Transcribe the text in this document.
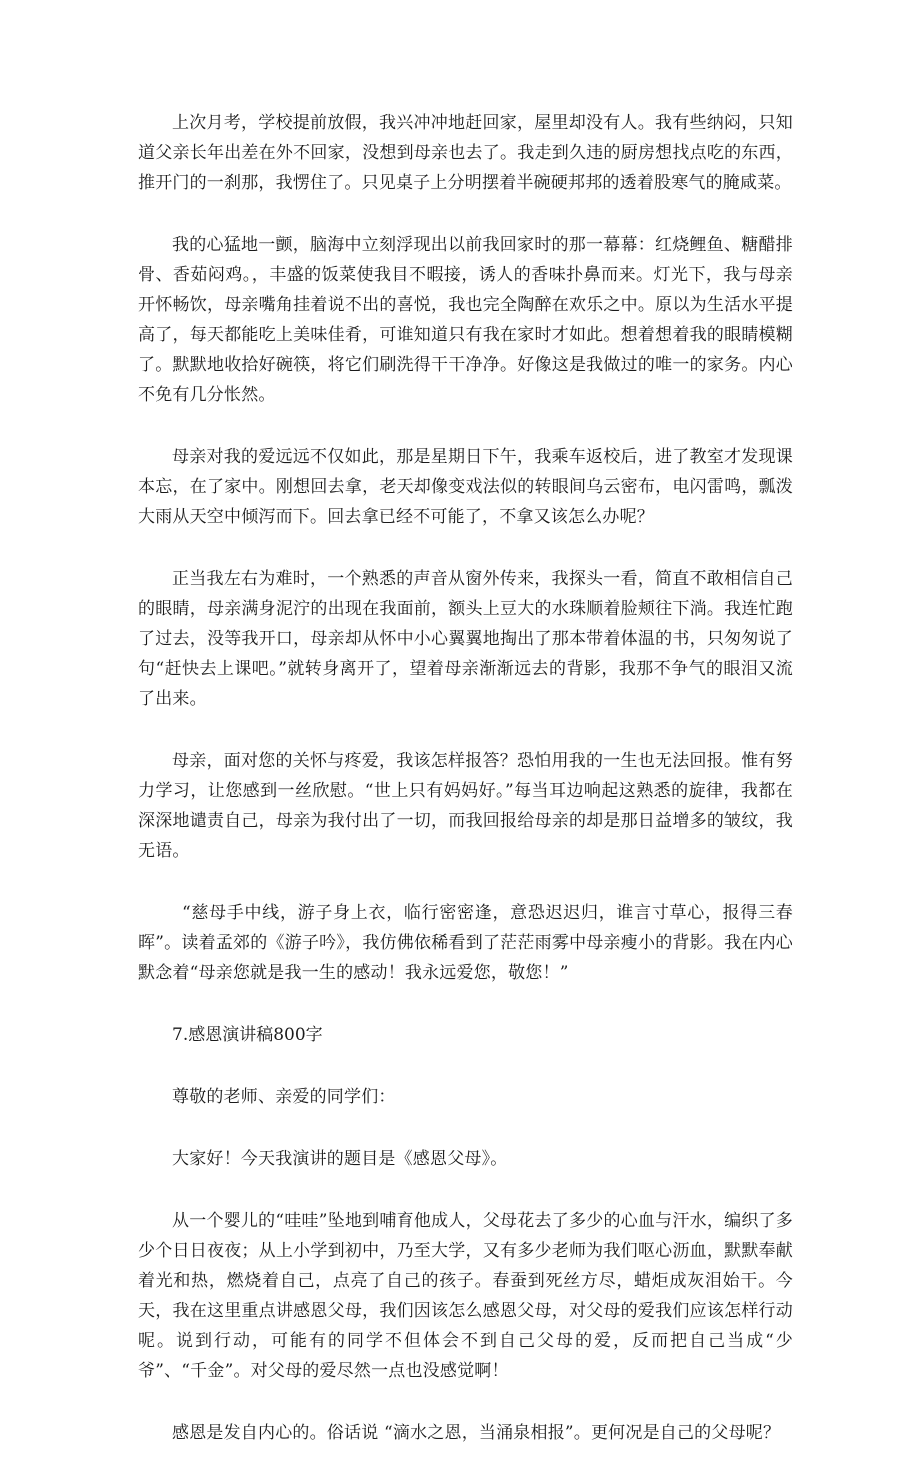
上次月考，学校提前放假，我兴冲冲地赶回家，屋里却没有人。我有些纳闷，只知道父亲长年出差在外不回家，没想到母亲也去了。我走到久违的厨房想找点吃的东西，推开门的一刹那，我愣住了。只见桌子上分明摆着半碗硬邦邦的透着股寒气的腌咸菜。

我的心猛地一颤，脑海中立刻浮现出以前我回家时的那一幕幕：红烧鲤鱼、糖醋排骨、香茹闷鸡。，丰盛的饭菜使我目不暇接，诱人的香味扑鼻而来。灯光下，我与母亲开怀畅饮，母亲嘴角挂着说不出的喜悦，我也完全陶醉在欢乐之中。原以为生活水平提高了，每天都能吃上美味佳肴，可谁知道只有我在家时才如此。想着想着我的眼睛模糊了。默默地收拾好碗筷，将它们刷洗得干干净净。好像这是我做过的唯一的家务。内心不免有几分怅然。

母亲对我的爱远远不仅如此，那是星期日下午，我乘车返校后，进了教室才发现课本忘，在了家中。刚想回去拿，老天却像变戏法似的转眼间乌云密布，电闪雷鸣，瓢泼大雨从天空中倾泻而下。回去拿已经不可能了，不拿又该怎么办呢？

正当我左右为难时，一个熟悉的声音从窗外传来，我探头一看，简直不敢相信自己的眼睛，母亲满身泥泞的出现在我面前，额头上豆大的水珠顺着脸颊往下淌。我连忙跑了过去，没等我开口，母亲却从怀中小心翼翼地掏出了那本带着体温的书，只匆匆说了句“赶快去上课吧。”就转身离开了，望着母亲渐渐远去的背影，我那不争气的眼泪又流了出来。

母亲，面对您的关怀与疼爱，我该怎样报答？恐怕用我的一生也无法回报。惟有努力学习，让您感到一丝欣慰。“世上只有妈妈好。”每当耳边响起这熟悉的旋律，我都在深深地谴责自己，母亲为我付出了一切，而我回报给母亲的却是那日益增多的皱纹，我无语。

“慈母手中线，游子身上衣，临行密密逢，意恐迟迟归，谁言寸草心，报得三春晖”。读着孟郊的《游子吟》，我仿佛依稀看到了茫茫雨雾中母亲瘦小的背影。我在内心默念着“母亲您就是我一生的感动！我永远爱您，敬您！”

7.感恩演讲稿800字

尊敬的老师、亲爱的同学们：

大家好！今天我演讲的题目是《感恩父母》。

从一个婴儿的“哇哇”坠地到哺育他成人，父母花去了多少的心血与汗水，编织了多少个日日夜夜；从上小学到初中，乃至大学，又有多少老师为我们呕心沥血，默默奉献着光和热，燃烧着自己，点亮了自己的孩子。春蚕到死丝方尽，蜡炬成灰泪始干。今天，我在这里重点讲感恩父母，我们因该怎么感恩父母，对父母的爱我们应该怎样行动呢。说到行动，可能有的同学不但体会不到自己父母的爱，反而把自己当成“少爷”、“千金”。对父母的爱尽然一点也没感觉啊！

感恩是发自内心的。俗话说 “滴水之恩，当涌泉相报”。更何况是自己的父母呢？
